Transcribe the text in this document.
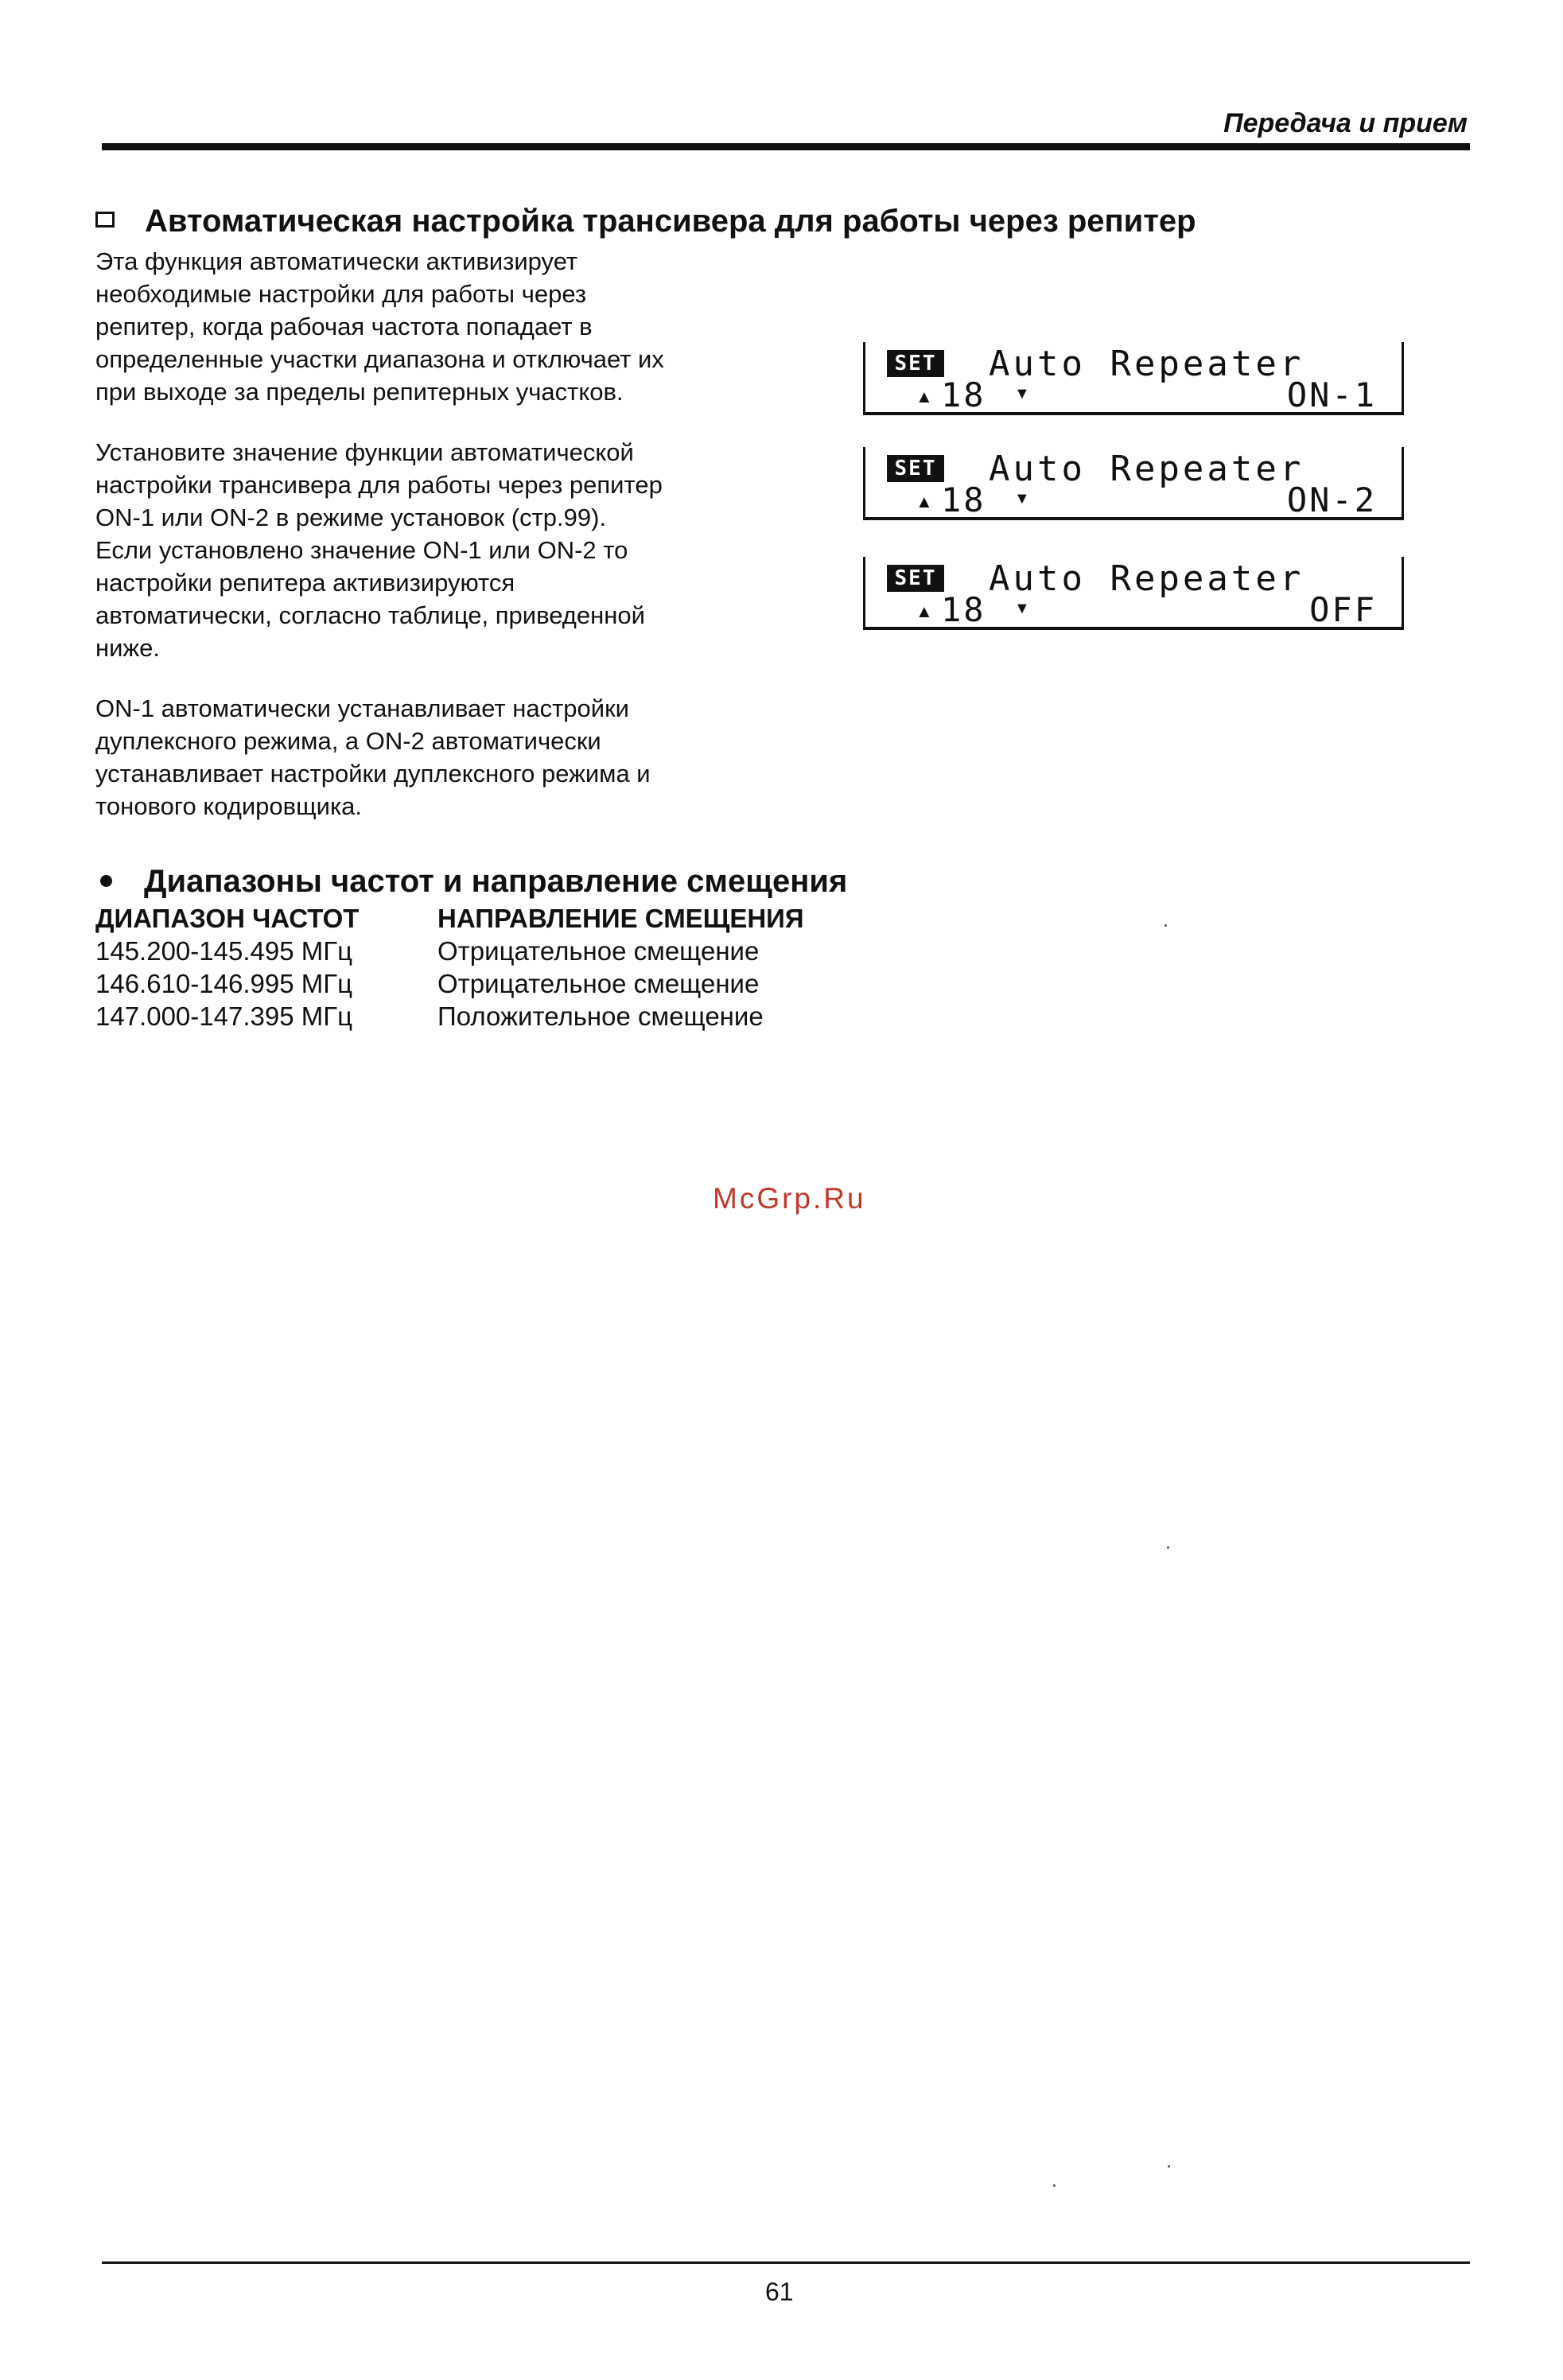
Передача и прием
Автоматическая настройка трансивера для работы через репитер

Эта функция автоматически активизирует
необходимые настройки для работы через
репитер, когда рабочая частота попадает в
определенные участки диапазона и отключает их
при выходе за пределы репитерных участков.

Установите значение функции автоматической
настройки трансивера для работы через репитер
ON-1 или ON-2 в режиме установок (стр.99).
Если установлено значение ON-1 или ON-2 то
настройки репитера активизируются
автоматически, согласно таблице, приведенной
ниже.

ON-1 автоматически устанавливает настройки
дуплексного режима, а ON-2 автоматически
устанавливает настройки дуплексного режима и
тонового кодировщика.

SET Auto Repeater
▲ 18 ▼	ON-1
SET Auto Repeater
▲ 18 ▼	ON-2
SET Auto Repeater
▲ 18 ▼	OFF
Диапазоны частот и направление смещения
ДИАПАЗОН ЧАСТОТ	НАПРАВЛЕНИЕ СМЕЩЕНИЯ
145.200-145.495 МГц	Отрицательное смещение
146.610-146.995 МГц	Отрицательное смещение
147.000-147.395 МГц	Положительное смещение
McGrp.Ru
61
